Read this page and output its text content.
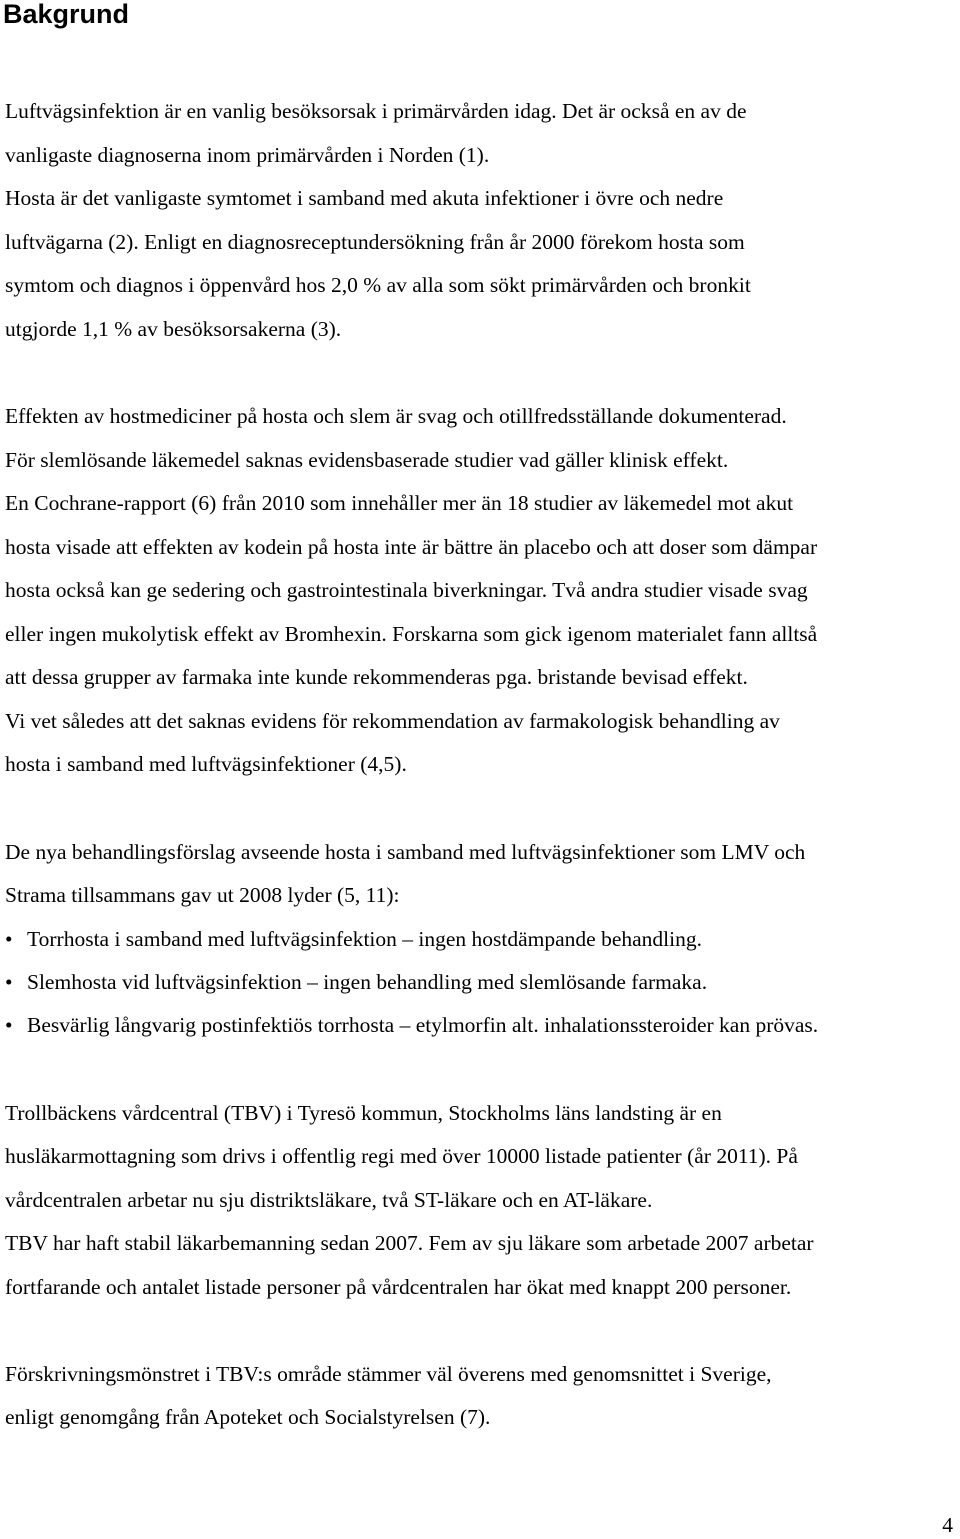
Bakgrund

Luftvägsinfektion är en vanlig besöksorsak i primärvården idag. Det är också en av de

vanligaste diagnoserna inom primärvården i Norden (1).

Hosta är det vanligaste symtomet i samband med akuta infektioner i övre och nedre

luftvägarna (2). Enligt en diagnosreceptundersökning från år 2000 förekom hosta som

symtom och diagnos i öppenvård hos 2,0 % av alla som sökt primärvården och bronkit

utgjorde 1,1 % av besöksorsakerna (3).

Effekten av hostmediciner på hosta och slem är svag och otillfredsställande dokumenterad.

För slemlösande läkemedel saknas evidensbaserade studier vad gäller klinisk effekt.

En Cochrane-rapport (6) från 2010 som innehåller mer än 18 studier av läkemedel mot akut

hosta visade att effekten av kodein på hosta inte är bättre än placebo och att doser som dämpar

hosta också kan ge sedering och gastrointestinala biverkningar. Två andra studier visade svag

eller ingen mukolytisk effekt av Bromhexin. Forskarna som gick igenom materialet fann alltså

att dessa grupper av farmaka inte kunde rekommenderas pga. bristande bevisad effekt.

Vi vet således att det saknas evidens för rekommendation av farmakologisk behandling av

hosta i samband med luftvägsinfektioner (4,5).

De nya behandlingsförslag avseende hosta i samband med luftvägsinfektioner som LMV och

Strama tillsammans gav ut 2008 lyder (5, 11):

• Torrhosta i samband med luftvägsinfektion – ingen hostdämpande behandling.
• Slemhosta vid luftvägsinfektion – ingen behandling med slemlösande farmaka.
• Besvärlig långvarig postinfektiös torrhosta – etylmorfin alt. inhalationssteroider kan prövas.

Trollbäckens vårdcentral (TBV) i Tyresö kommun, Stockholms läns landsting är en

husläkarmottagning som drivs i offentlig regi med över 10000 listade patienter (år 2011). På

vårdcentralen arbetar nu sju distriktsläkare, två ST-läkare och en AT-läkare.

TBV har haft stabil läkarbemanning sedan 2007. Fem av sju läkare som arbetade 2007 arbetar

fortfarande och antalet listade personer på vårdcentralen har ökat med knappt 200 personer.

Förskrivningsmönstret i TBV:s område stämmer väl överens med genomsnittet i Sverige,

enligt genomgång från Apoteket och Socialstyrelsen (7).

4
